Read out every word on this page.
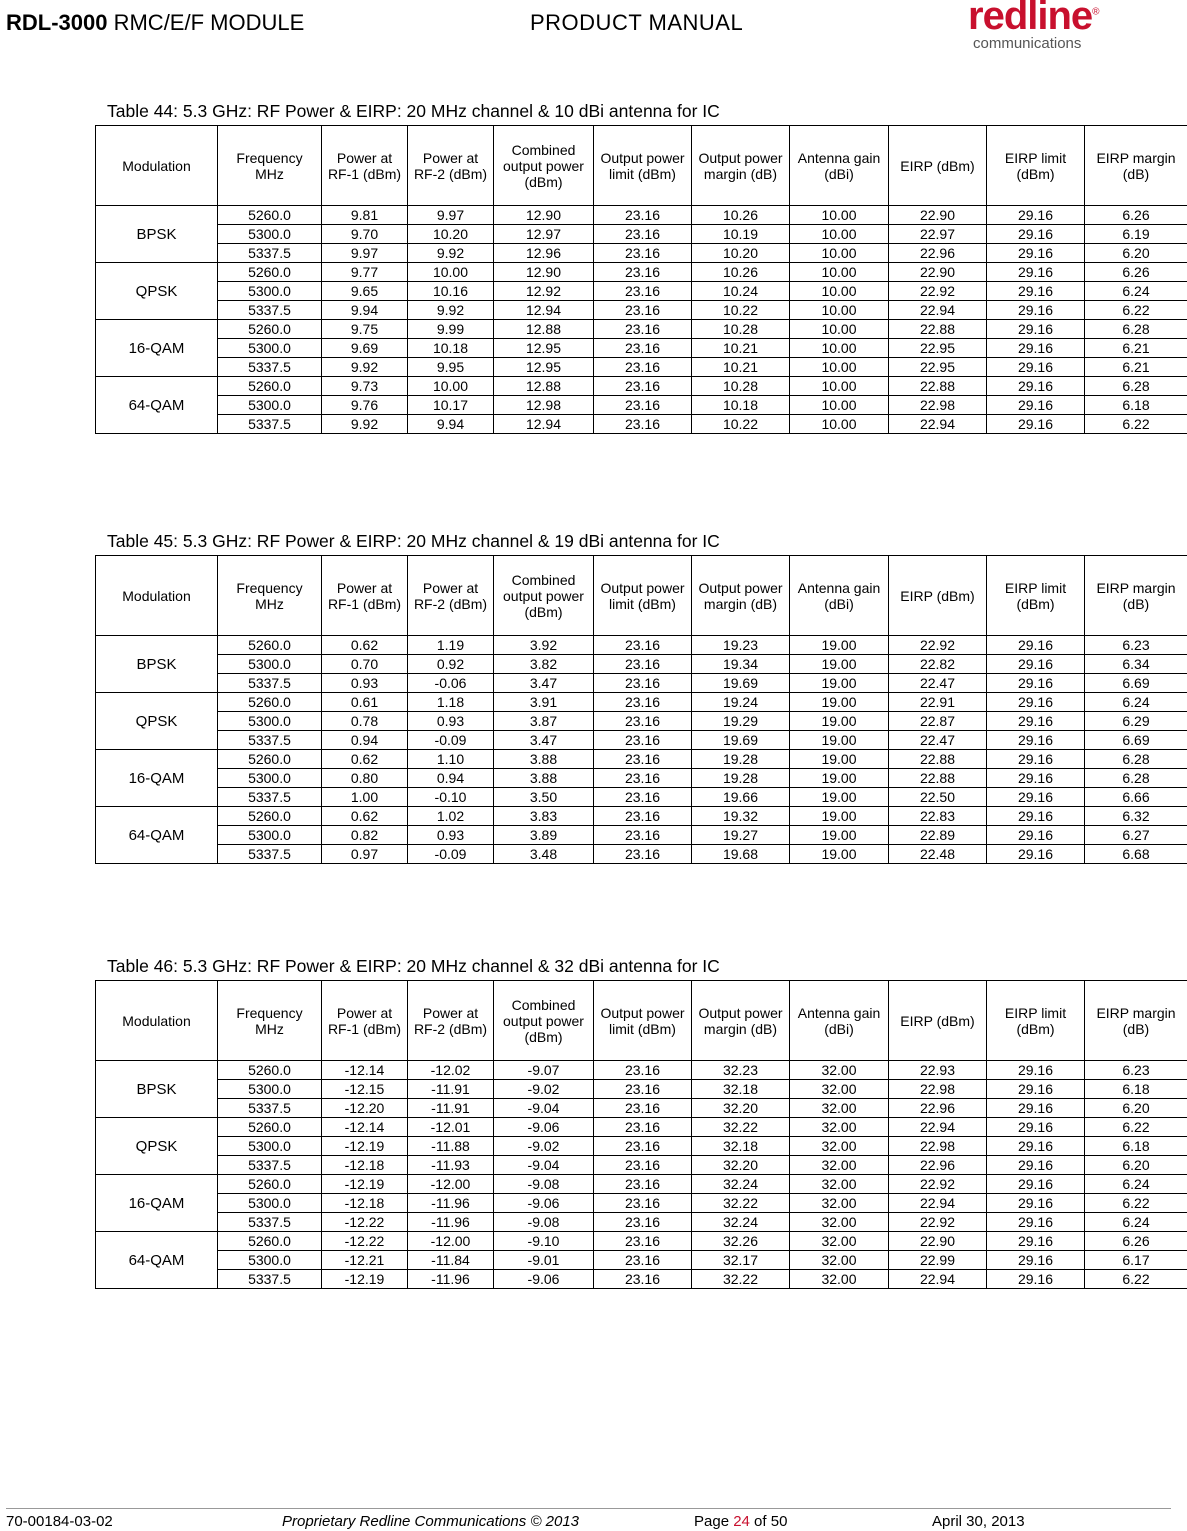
RDL-3000 RMC/E/F MODULE	PRODUCT MANUAL	redline®
communications
Table 44: 5.3 GHz: RF Power & EIRP: 20 MHz channel & 10 dBi antenna for IC
Modulation	Frequency MHz	Power at RF-1 (dBm)	Power at RF-2 (dBm)	Combined output power (dBm)	Output power limit (dBm)	Output power margin (dB)	Antenna gain (dBi)	EIRP (dBm)	EIRP limit (dBm)	EIRP margin (dB)
BPSK	5260.0	9.81	9.97	12.90	23.16	10.26	10.00	22.90	29.16	6.26
	5300.0	9.70	10.20	12.97	23.16	10.19	10.00	22.97	29.16	6.19
	5337.5	9.97	9.92	12.96	23.16	10.20	10.00	22.96	29.16	6.20
QPSK	5260.0	9.77	10.00	12.90	23.16	10.26	10.00	22.90	29.16	6.26
	5300.0	9.65	10.16	12.92	23.16	10.24	10.00	22.92	29.16	6.24
	5337.5	9.94	9.92	12.94	23.16	10.22	10.00	22.94	29.16	6.22
16-QAM	5260.0	9.75	9.99	12.88	23.16	10.28	10.00	22.88	29.16	6.28
	5300.0	9.69	10.18	12.95	23.16	10.21	10.00	22.95	29.16	6.21
	5337.5	9.92	9.95	12.95	23.16	10.21	10.00	22.95	29.16	6.21
64-QAM	5260.0	9.73	10.00	12.88	23.16	10.28	10.00	22.88	29.16	6.28
	5300.0	9.76	10.17	12.98	23.16	10.18	10.00	22.98	29.16	6.18
	5337.5	9.92	9.94	12.94	23.16	10.22	10.00	22.94	29.16	6.22
Table 45: 5.3 GHz: RF Power & EIRP: 20 MHz channel & 19 dBi antenna for IC
Modulation	Frequency MHz	Power at RF-1 (dBm)	Power at RF-2 (dBm)	Combined output power (dBm)	Output power limit (dBm)	Output power margin (dB)	Antenna gain (dBi)	EIRP (dBm)	EIRP limit (dBm)	EIRP margin (dB)
BPSK	5260.0	0.62	1.19	3.92	23.16	19.23	19.00	22.92	29.16	6.23
	5300.0	0.70	0.92	3.82	23.16	19.34	19.00	22.82	29.16	6.34
	5337.5	0.93	-0.06	3.47	23.16	19.69	19.00	22.47	29.16	6.69
QPSK	5260.0	0.61	1.18	3.91	23.16	19.24	19.00	22.91	29.16	6.24
	5300.0	0.78	0.93	3.87	23.16	19.29	19.00	22.87	29.16	6.29
	5337.5	0.94	-0.09	3.47	23.16	19.69	19.00	22.47	29.16	6.69
16-QAM	5260.0	0.62	1.10	3.88	23.16	19.28	19.00	22.88	29.16	6.28
	5300.0	0.80	0.94	3.88	23.16	19.28	19.00	22.88	29.16	6.28
	5337.5	1.00	-0.10	3.50	23.16	19.66	19.00	22.50	29.16	6.66
64-QAM	5260.0	0.62	1.02	3.83	23.16	19.32	19.00	22.83	29.16	6.32
	5300.0	0.82	0.93	3.89	23.16	19.27	19.00	22.89	29.16	6.27
	5337.5	0.97	-0.09	3.48	23.16	19.68	19.00	22.48	29.16	6.68
Table 46: 5.3 GHz: RF Power & EIRP: 20 MHz channel & 32 dBi antenna for IC
Modulation	Frequency MHz	Power at RF-1 (dBm)	Power at RF-2 (dBm)	Combined output power (dBm)	Output power limit (dBm)	Output power margin (dB)	Antenna gain (dBi)	EIRP (dBm)	EIRP limit (dBm)	EIRP margin (dB)
BPSK	5260.0	-12.14	-12.02	-9.07	23.16	32.23	32.00	22.93	29.16	6.23
	5300.0	-12.15	-11.91	-9.02	23.16	32.18	32.00	22.98	29.16	6.18
	5337.5	-12.20	-11.91	-9.04	23.16	32.20	32.00	22.96	29.16	6.20
QPSK	5260.0	-12.14	-12.01	-9.06	23.16	32.22	32.00	22.94	29.16	6.22
	5300.0	-12.19	-11.88	-9.02	23.16	32.18	32.00	22.98	29.16	6.18
	5337.5	-12.18	-11.93	-9.04	23.16	32.20	32.00	22.96	29.16	6.20
16-QAM	5260.0	-12.19	-12.00	-9.08	23.16	32.24	32.00	22.92	29.16	6.24
	5300.0	-12.18	-11.96	-9.06	23.16	32.22	32.00	22.94	29.16	6.22
	5337.5	-12.22	-11.96	-9.08	23.16	32.24	32.00	22.92	29.16	6.24
64-QAM	5260.0	-12.22	-12.00	-9.10	23.16	32.26	32.00	22.90	29.16	6.26
	5300.0	-12.21	-11.84	-9.01	23.16	32.17	32.00	22.99	29.16	6.17
	5337.5	-12.19	-11.96	-9.06	23.16	32.22	32.00	22.94	29.16	6.22
70-00184-03-02	Proprietary Redline Communications © 2013	Page 24 of 50	April 30, 2013
